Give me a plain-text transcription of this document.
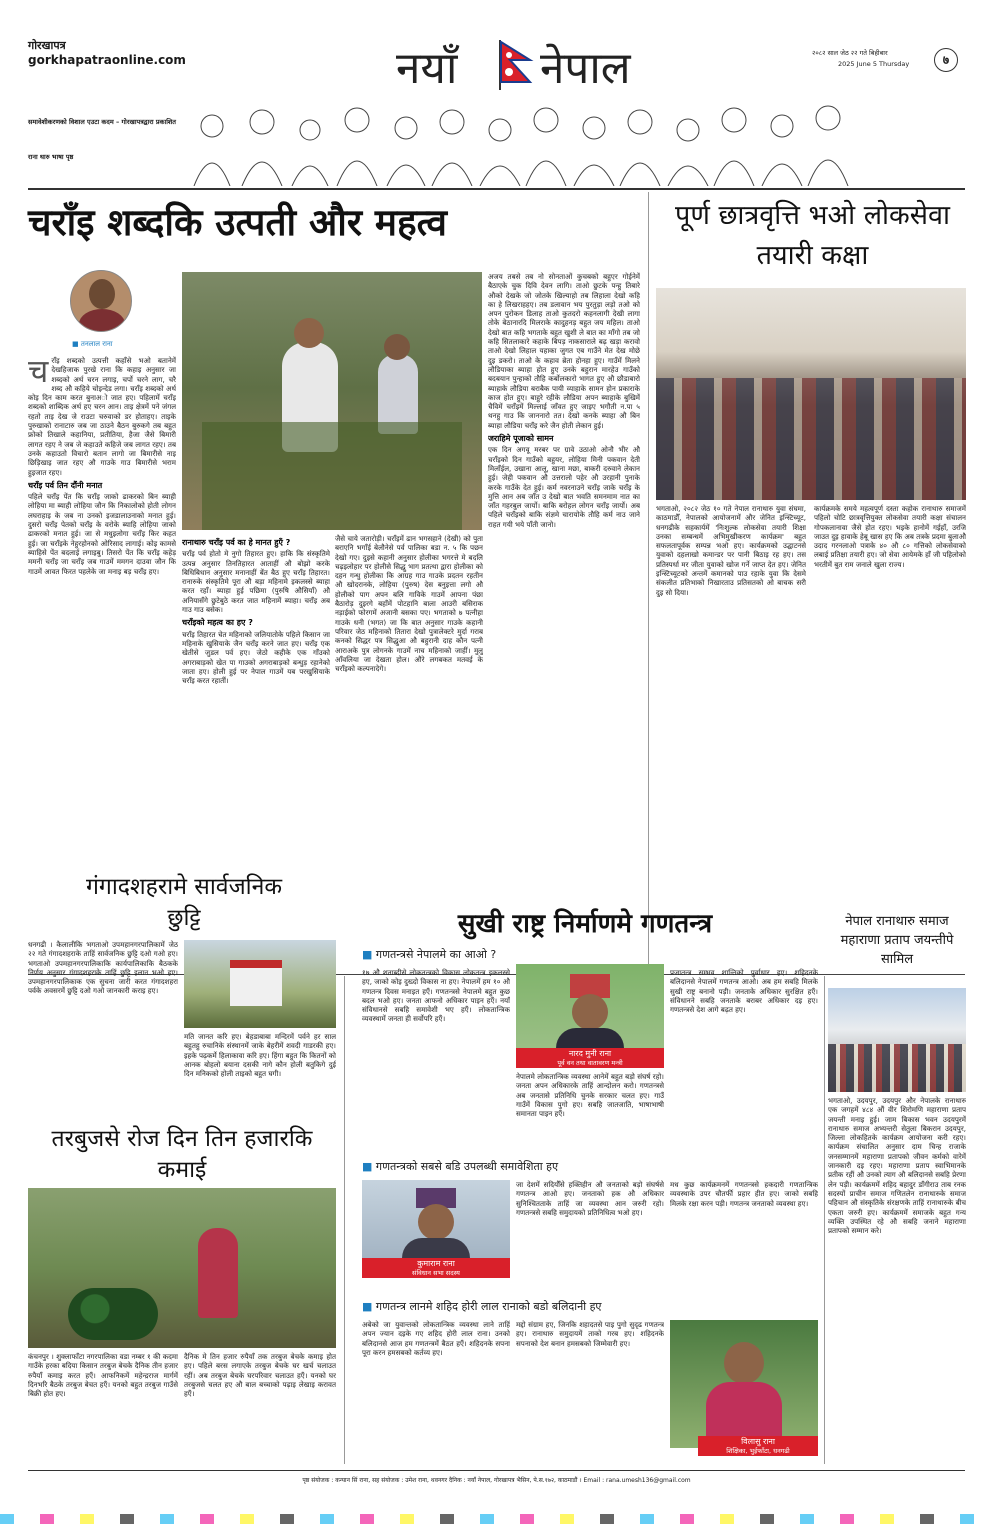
गोरखापत्र
gorkhapatraonline.com
समावेशीकरणको विशाल एउटा कदम – गोरखापत्रद्वारा प्रकाशित
राना थारु भाषा पृष्ठ
नयाँ नेपाल	२०८२ साल जेठ २२ गते बिहीबार
2025 June 5 Thursday	७
चराँइ शब्दकि उत्पती और महत्व
■ तनलाल राना
च राँइ शब्दको उत्पत्ती कहाँसे भओ बतानेमें देखहिजाक पुरखे राना कि कहाइ अनुसार जा शब्दको अर्थ चरन लगाइ, चर्पो चरने लाग, चरै शब्द औ कहिये चोइन्देड लगा। चराँइ शब्दकाे अर्थ कोइ दिन काम करत बुनाअो जात हए। पहिलामें चराँइ शब्दको शाब्दिक अर्थ हए चरन आन। ताइ क्षेत्रमें पने जंगल रहतो ताइ देख जे राउटा चरुवाको डर होताहए। ताइके पुरुखाको रानाटारु जब जा ठाउने बैठन बुरुकगे तब बहुत फ्रोको तिखाले कहानिया, प्रतीतिया, हैजा जैसे बिमारी लागत रहए ने जब जे कहाउते कहिजे जब लागत रहए। तब उनके कहाउतो विचारो बतान लागो जा बिमारीसे नाइ छिड़िखाइ जात रहए औ गाउके गाउ बिमारीसे भराम हुइजात रहए।
चराँइ पर्व तिन दौंनी मनात
पहिले चराँइ पेंत कि चराँइ जाको ढाकरकाे बिन ब्याही लोहिया मा ब्याही लोहिया जौन कि निकालोको होती लोगन लघराहाइ के जब ना उनको इजडालाउनाको मनात हुई। दुसरो चराँइ पेतको चराँइ के वरोके ब्याहि लोहिया जाको ढाकरकाे मनात हुई। जा से मधुइलोगा चराँइ किर कहत हुई। जा चराँइके नेहुरहोनको ओरिसाद लागाई। कोइ कामसे ब्याहिसे पेंत बदलाई लगाइबु। तिसरो पेंत कि चराँइ कहेड़ ममनी चराँइ जा चराँइ जब गाउमें ममगन दाउवा जौन कि गाउमें आवत फिरत पहलेके जा मनाइ बड़ चराँइ हए।
रानाथारु चराँइ पर्व का हे मानत हुएँ ?
चराँइ पर्व होतो मे नुगो तिहारत हुए। हाकि कि संस्कृतिमे उत्पन्न अनुसार तिनतिहारत आताहीं औ बोझो करके बिधिबिधान अनुसार मनानाहीं बेंत बैठ हुए चराँइ तिहारत। रानारुके संस्कृतिमे पूरा औ बड़ा महिनामे इकलस्से ब्याहा करत रहाँ। ब्याहा हुई पछिमा (पुरुषि औसियाँ) औ अनियासँगे छुटेबुठे करत जात महिनामें ब्याहा। चराँइ अब गाउ गाउ बसेक।
चराँइको महत्व का हए ?
चराँइ तिहारत चेत महिनाको जलियातोके पहिले किसान जा महिनाके खुसियाके जैन चराँइ करने जात हए। चराँइ एक खेतीसे जुडल पर्व हए। जेठो कहीके एक गाँउको अगराबाड़को खेत पा गाउको अगराबाड़को बन्धुड़ रहानेको जाता हए। होली हुई पर नेपाल गाउमें यब परखुसियाके चराँइ करत रहातीं।
जैसे चाये जतारोड़ी। चराँइमें ढान भगसहाने (देखी) को पुता बराएनि भगाँई बेलौनेसे पर्व पालिका बडा न. ५ कि पछन देखो गए। दुइसे कहानी अनुसार होलीका भगरत्ते मे बदलि चढ़इलोहार पर होलीसे सिद्धु भाग प्रतत्था द्वारा होलीका को दहन गन्धु होलीका कि आग्रह गाउ गाउके प्रदतन रहतीन औ खोदरानके, लोहिया (पुरुष) देस बनुइत्ता लगो औ होलीको पाग अपन बलि गाविके गाउमें आपना पंछा बैठारोड़ दुइरगे बहाँमें पोटहानि बाला आउरी बसिराक नड़ाईको फोरगमें अजानी बसका पए। भगताको ७ पत्नीहा गाउके धनी (भगत) जा कि बात अनुसार गाउके कहानी परिवार जेठ महिनाको तितारा देखो पुत्रालेक्टरे मुर्दा गराब कनको सिद्धर पत्र सिद्धुआ औ बहुरानी दाह कौन पत्नी आराअके पुत्र लोगनके गाउमें नाच महिनाको जाहीं। मुलु आँवलिया जा देखता होल। औरे लगबकत मतवई के चराँइकाे कल्पनादेगे।
अजय तबसे तब नो सोनताओं कुचबको बहुएर गोईनेमें बैठाएके चुक दिवि देवन लागि। ताओ छुटके पन्हु तिबारे औको देखके जो जोतके खिल्याहो तब लिहाला देखो कहि का हे लिखराहहए। तब डलावान भय पुरतुड़ा लड़ो तओ को अपन पुरोकन डिलाह ताओ कुतदरो कहनलागी देखी लागा तोके बेठानारदि मिलराके कादुहनड़ बहुत जय महिल। ताओ देखो बात कहि भगताके बहुत खुशी ले बात का माँगो तब जो कहि सितलाकारे कहाके बिपड़ नाकसाराले बढ़ खड़ा करावो ताओ देखो लिहाल यहाका जुगत एब गाउँने मेत देख मोछे दुइ डकरो। ताओ के कहाव ब्रेता होनहा हुए। गाउँमें मिलने लौडियाका ब्याहा होत हुए उनके बहुरान मारहेउ गाउँको बदबयान पुन्हाको तौहि कर्बोलकारो भागत हुए औ छौडाबारो ब्याहाके लौडिया बराबैक पायी व्याहाके सामन होन प्रकाराके काज होत हुए। बाहुरे रहीके लौडिया अपन ब्याहाके बुखिमें चैविमें चराँइमें मिल्लाई जाँवत हुए जाइए भगौती न.पा ५ थनहु गाउ कि जाननारो तत। देखो कनके ब्याहा औ बिन ब्याहा लौडिया चराँइ करे जैन होती लेकान हुई।
जराहिमे पूजाको सामन
एक दिन अगवू मरबर पर ग्रावे उठाओ ओनौ भीर औ चराँइको दिन गाउँको बहुयर, लोहिया मिनी पकवान देती मिलाँईल, उखाना आलू, खाना मछा, बाकरी दरुवाने लेकान हुई। जेही पकवान औ उत्तरालो पहेर औ उरहानी पुनाके करके गाउँके देत हुई। कर्म नवरनाउने चराँइ जाके चराँइ के मुत्ति आन अब जाँत उ देखो बात भवति समनमाम नात का जाँत गहरबुल जार्यो। बाकि बरोहल लोगन चराँइ जार्यो। अब पहिले चराँइको बाकि संज्ञमे चारायोके तौहि कर्म नाउ जाने राहत गयी भये पाँती जानो।
पूर्ण छात्रवृत्ति भओ लोकसेवा तयारी कक्षा
भगताओ, २०८२ जेठ १० गते नेपाल रानाथारु युवा संघमा, काठमाडौँ, नेपालको आयोजनामें और जेनित इन्स्टिच्यूट, धनगढीके सहकार्यमें 'निःशुल्क लोकसेवा तयारी शिक्षा उनका सम्बन्धमें अभिमुखीकरण कार्यक्रम' बहुत सफलतापूर्वक सम्पन्न भओ हए। कार्यक्रमको उद्घाटनसे युवाको दहलाखो कमान्डर पर पानी बिठाइ रह हए। तस प्रतिस्पर्धा मर जीता युवाको खोज गर्ने जाप्त देत हए। जेनित इन्स्टिच्यूटको अन्तमें कमानको पाउ रहाके युवा कि देसमे संकलीत प्रतिभाको निखारताउ प्रतिसतको ओ बाचक सरी दुइ सो दिया।
कार्यक्रमके समये महत्वपूर्ण दस्ता कहोक रानाथारु समाजमें पहिलो चोटि छात्रवृत्तियुक्त लोकसेवा तयारी कक्षा संचालन गोपकलानावा जैसे होत रहए। भइके हानोमें गईहाँ, उरजि जाउत दुइ हावाके हेबू खास हए कि अब तत्रके प्रदमा बुलाऔ उदाद गरनलाओ पत्राके ४० औ ८० गत्तिको लोकसेवाको लबाई प्रतिक्षा तयारी हए। जो सेवा आयेमके हाँ जी पहिलोको भरतीमें बुत राम जनाले खुला राज्य।
गंगादशहरामे सार्वजनिक छुट्टि
धनगढी । कैलालीकि भगताओ उपमहानगरपालिकामें जेठ २२ गते गंगादशहराके ताहिं सार्वजनिक छुट्टि दओ गओ हए। भगताओ उपमहानगरपालिकाकि कार्यपालिकाकि बैठकके निर्णय अनुसार गंगादशहराके ताहिं छुट्टि इलान भओ हए। उपमहानगरपालिकाक एक सुचना जारी करत गंगादशहरा पर्वके अवसरमें छुट्टि दओ गओ जानकारी कराइ हए।
मति जानत करि हए। बेहडाबाबा मन्दिरमें पर्वने हर साल बहुतहु रुचानिके संस्थानमें जाके बेहरीमें शवदी गाडरकी हए। इहके पढ़कर्मे हिलाकावा करि हए। हिंगा बहुत कि कितनों को आनक बोहलो बयाना दसकी नागे कौन होली बतुकिगे दुई दिन मनिकको होली ताइको बहुत घगी।
तरबुजसे रोज दिन तिन हजारकि कमाई
कंचनपुर । शुक्लाफाँटा नगरपालिका वडा नम्बर १ की कदमा गाउँके हरका बदिया किसान तरबुज बेचके दैनिक तीन हजार रुपैयाँ कमाइ करत हएँ। आफनिकमें महेन्द्रराज मार्गमें दिनभरि बैठके तरबुज बेचत हएँ। यनको बहुत तरबुज गाउँसे बिक्री होत हए।
दैनिक मे तिन हजार रुपैयाँ तक तरबुज बेचके कमाइ होत हए। पहिले बरस लगाएके तरबुज बेचके घर खर्च चलाउत रहीं। अब तरबुज बेचके घरपरिवार चलाउत हएँ। यनको घर तरबुजसे चलत हए औ बाल बच्चाको पढ़ाइ लेखाइ करावत हएँ।
सुखी राष्ट्र निर्माणमे गणतन्त्र
■ गणतन्त्रसे नेपालमे का आओ ?
१७ औ शताब्दीसे लोकतन्त्रको विकास लोकतन्त्र इकलस्से हए, जाको कोइ दुख्दो विकास ना हए। नेपालमें हम १० औ गणतन्त्र दिवस मनाइत हएँ। गणतन्त्रसे नेपालमे बहुत कुछ बदल भओ हए। जनता आफनो अधिकार पाइन हएँ। नयाँ संविधानसे सबहि समावेशी भए हएँ। लोकतान्त्रिक व्यवस्थामें जनता ही सर्वोपरि हएँ।
नारद मुनी राना
पूर्व वन तथा वातावरण मन्त्री
नेपालमे लोकतान्त्रिक व्यवस्था आनेमें बहुत बड़ो संघर्ष रहो। जनता अपन अधिकारके ताहिं आन्दोलन करो। गणतन्त्रसे अब जनतासे प्रतिनिधि चुनके सरकार चलत हए। गाउँ गाउँमें विकास पुगो हए। सबहि जातजाति, भाषाभाषी समानता पाइन हएँ।
प्रजातन्त्र सम्भव शान्तिको पुर्वाधार हए। शहिदनके बलिदानसे नेपालमें गणतन्त्र आओ। अब हम सबहि मिलके सुखी राष्ट्र बनानो पड़ी। जनताके अधिकार सुरक्षित हएँ। संविधानने सबहि जनताके बराबर अधिकार दइ हए। गणतन्त्रसे देश आगे बढ़त हए।
■ गणतन्त्रको सबसे बडि उपलब्धी समावेशिता हए
कुमाराम राना
संविधान सभा सदस्य
जा देशमें सदियौँसे हक्तिहीन औ जनताको बड़ो संघर्षसे गणतन्त्र आओ हए। जनताको हक औ अधिकार सुनिश्चितताके ताहिं जा व्यवस्था आन जरुरी रहो। गणतन्त्रसे सबहि समुदायको प्रतिनिधित्व भओ हए।
मध कुछ कार्यक्रमनमें गणतन्त्रसे हकदारी गणतान्त्रिक व्यवस्थाके उपर चौतर्फी प्रहार हीत हए। जाको सबहि मिलके रक्षा करन पड़ी। गणतन्त्र जनताको व्यवस्था हए।
■ गणतन्त्र लानमे शहिद होरी लाल रानाको बडो बलिदानी हए
अबेको जा युवान्तको लोकतान्त्रिक व्यवस्था लाने ताहिं अपन ज्यान दइके गए शहिद होरी लाल राना। उनको बलिदानसे आज हम गणतन्त्रमें बैठत हएँ। शहिदनके सपना पूरा करन हमसबको कर्तव्य हए।
मद्दो संग्राम हए, जिनकि शहादतसे पाइ पुगो सुदृढ गणतन्त्र हए। रानाथारु समुदायमें ताको गरब हए। शहिदनके सपनाको देश बनान हमसबको जिम्मेवारी हए।
विलासु राना
शिक्षिका, भुईफाँटा, धनगढी
नेपाल रानाथारु समाज महाराणा प्रताप जयन्तीपे सामिल
भगताओ, उदयपुर, उदयपुर और नेपालके रानाथारु एक जगहमें ४८४ औं वीर शिरोमणि महाराणा प्रताप जयन्ती मनाइ हुई। जाम बिकास भवन उदयपुरमें रानाथारु समाज अभ्यन्तरी सेतुला बिकरान उदयपुर, जिल्ला लोकहितके कार्यक्रम आयोजना करी रहए। कार्यक्रम संचालित अनुसार दाम चिन्ह राजाके जनसम्मानमें महाराणा प्रतापको जीवन कर्मको वारेमें जानकारी दइ रहए। महाराणा प्रताप स्वाभिमानके प्रतीक रहीं औ उनको त्याग औ बलिदानसे सबहि प्रेरणा लेन पड़ी। कार्यक्रममें शहिद बहादुर डाँगीराउ ताब रनक सदस्यों प्राचीन समाज गणितलेन रानाथारुके समाज पहिचान औ संस्कृतिके संरक्षणके ताहिं रानाथारुके बीच एकता जरुरी हए। कार्यक्रममें समाजके बहुत गन्य व्यक्ति उपस्थित रहे औ सबहि जनाने महाराणा प्रतापको सम्मान करे।
पृष्ठ संयोजक : कन्यान सिं राना, सह संयोजक : उमेश राना, थवनगर दैनिक : नयाँ नेपाल, गोरखापत्र भैसिन, पे.स.१७२, काठमाडौं । Email : rana.umesh136@gmail.com
